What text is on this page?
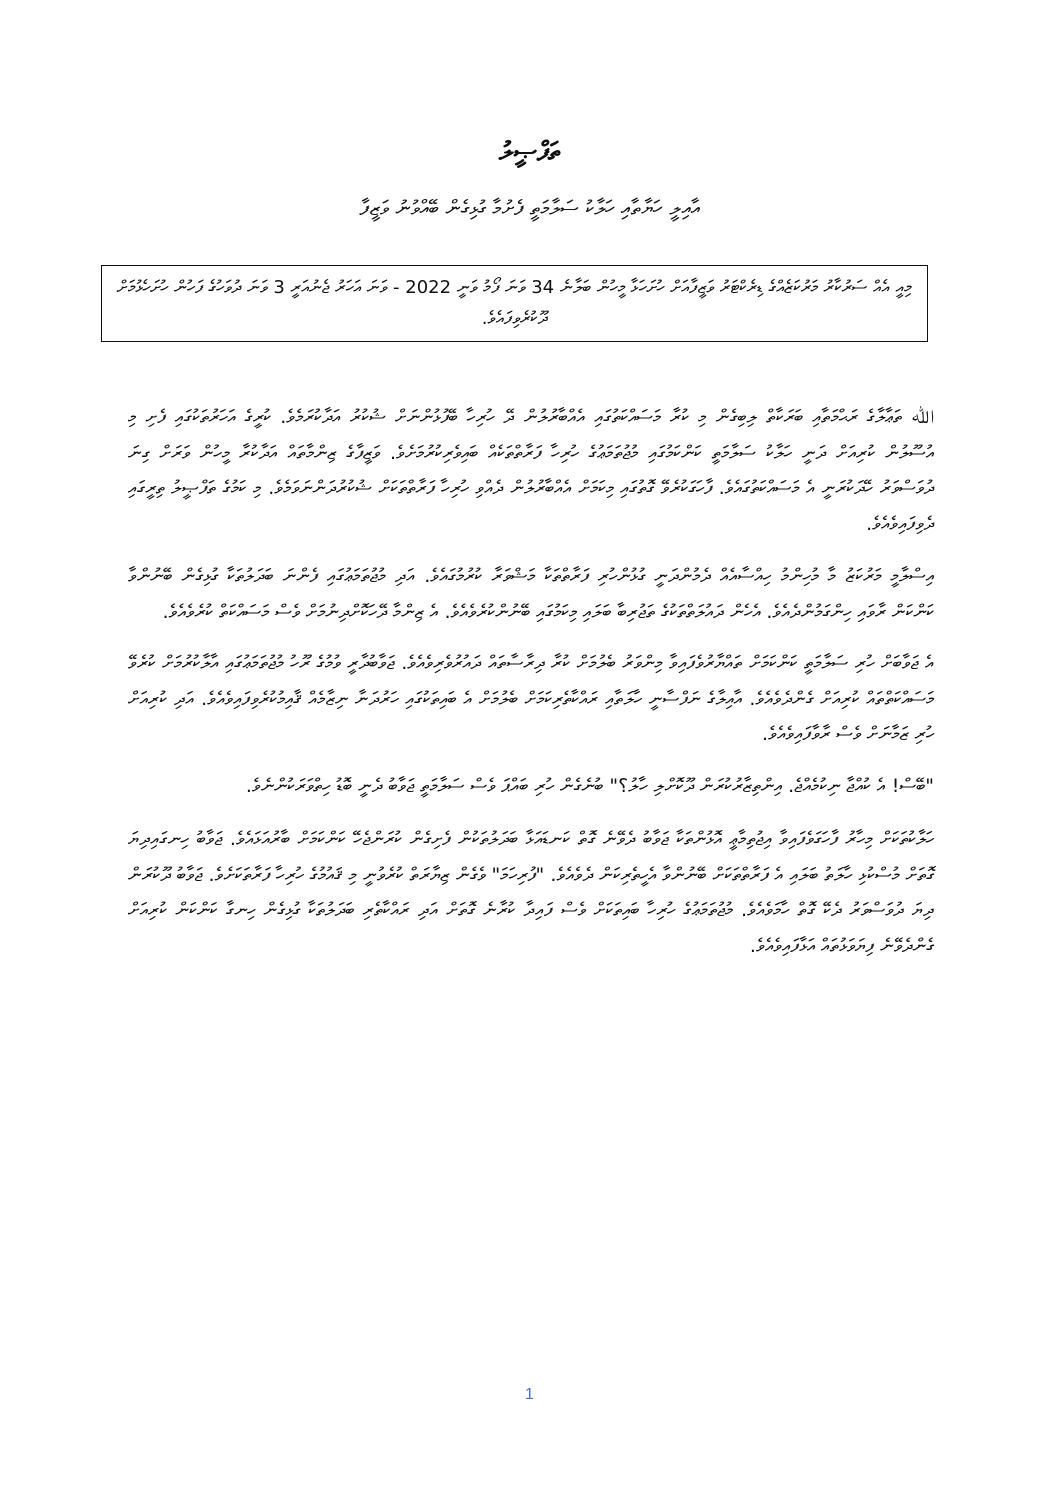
ތަފްޞީލު
އާއިލީ ހަޔާތާއި ހަލާކު ސަލާމަތީ ފެށުމާ ގުޅިގެން ބޭއްވުނު ވަޒީފާ
މިއީ އެއް ސަރުކާރު މަރުކަޒެއްގެ ޑިރެކްޓަރު ވަޒީފާއަށް ހުށަހަޅާ މީހުން ބަލާނެ 34 ވަނަ ފޯމު ވަނީ 2022 - ވަނަ އަހަރު ޖެނުއަރީ 3 ވަނަ ދުވަހުގެ ފަހުން ހުށަހެޅުމަށް ދޫކުރެވިފައެވެ.

ﷲ ތަޢާލާގެ ރަޙްމަތާއި ބަރަކާތް ލިބިގެން މި ކުރާ މަސައްކަތުގައި އެއްބާރުލުން ދޭ ހުރިހާ ބޭފުޅުންނަށް ޝުކުރު އަދާކުރަމެވެ. ކުރީގެ އަހަރުތަކުގައި ފެށި މި އުސޫލުން ކުރިއަށް ދަނީ ހަލާކު ސަލާމަތީ ކަންކަމުގައި މުޖުތަމަޢުގެ ހުރިހާ ފަރާތްތަކެއް ބައިވެރިކުރުމަށެވެ. ވަޒީފާގެ ޒިންމާތައް އަދާކުރާ މީހުން ވަރަށް ގިނަ ދުވަސްވަރު ހޭދަކުރަނީ އެ މަސައްކަތުގައެވެ. ފާހަގަކުރެވޭ ގޮތުގައި މިކަމަށް އެއްބާރުލުން ދެއްވި ހުރިހާ ފަރާތްތަކަށް ޝުކުރުދަންނަވަމެވެ. މި ކަމުގެ ތަފްޞީލު ތިރީގައި ދެވިފައިވެއެވެ.

އިސްލާމީ މަރުކަޒު މާ މުހިންމު ހިއްސާއެއް ދެމުންދަނީ ގުޅުންހުރި ފަރާތްތަކާ މަޝްވަރާ ކުރުމުގައެވެ. އަދި މުޖުތަމަޢުގައި ފެންނަ ބަދަލުތަކާ ގުޅިގެން ބޭނުންވާ ކަންކަން ރާވައި ހިންގަމުންދެއެވެ. އެހެން ދައުލަތްތަކުގެ ތަޖުރިބާ ބަލައި މިކަމުގައި ބޭނުންކުރެވެއެވެ. އެ ޒިންމާ ދޭހަކޮށްދިނުމަށް ވެސް މަސައްކަތް ކުރެވެއެވެ.

އެ ޖަވާބަށް ހުރި ސަލާމަތީ ކަންކަމަށް ތައްޔާރުވެފައިވާ މިންވަރު ބެލުމަށް ކުރާ ދިރާސާތައް ދައުރުވެރިވެއެވެ. ޖަވާބުދާރީ ވުމުގެ ރޫހު މުޖުތަމަޢުގައި އާލާކުރުމަށް ކުރެވޭ މަސައްކަތްތައް ކުރިއަށް ގެންދެވެއެވެ. އާއިލާގެ ނަފްސާނީ ހާލަތާއި ރައްކާތެރިކަމަށް ބެލުމަށް އެ ބައިތަކުގައި ހަރުދަނާ ނިޒާމެއް ޤާއިމުކުރެވިފައިވެއެވެ. އަދި ކުރިއަށް ހުރި ޒަމާނަށް ވެސް ރާވާފައިވެއެވެ.

"ބޭސް! އެ ކުއްޖާ ނިކުމެއްޖެ. އިންތިޒާރުކުރަން ދޫކޮށްލި ހާލު؟" ބުނެގެން ހުރި ބައްޕަ ވެސް ސަލާމަތީ ޖަވާބު ދެނީ ބޮޑު ހިތްވަރަކުންނެވެ.

ހަލާކުތަކަށް މިހާރު ފާހަގަވެފައިވާ އިޖުތިމާޢީ އޮޅުންތަކާ ޖަވާބު ދެވޭނެ ގޮތް ކަނޑައަޅާ ބަދަލުތަކުން ފެށިގެން ކުރަންޖެހޭ ކަންކަމަށް ބާރުއަޅައެވެ. ޖަވާބު ހިނގައިދިޔަ ގޮތަށް މުސްކުޅި ހާލަތު ބަލައި އެ ފަރާތްތަކަށް ބޭނުންވާ އެހީތެރިކަން ދެވެއެވެ. "ފުރިހަމަ" ވެގެން ޒިޔާރަތް ކުރެވުނީ މި ޤައުމުގެ ހުރިހާ ފަރާތަކަށެވެ. ޖަވާބު ދޫކުރަން ދިޔަ ދުވަސްވަރު ދެކޭ ގޮތް ހާމަވެއެވެ. މުޖުތަމަޢުގެ ހުރިހާ ބައިތަކަށް ވެސް ފައިދާ ކުރާނެ ގޮތަށް އަދި ރައްކާތެރި ބަދަލުތަކާ ގުޅިގެން ހިނގާ ކަންކަން ކުރިއަށް ގެންދެވޭނެ ފިޔަވަޅުތައް އަޅާފައިވެއެވެ.

1
